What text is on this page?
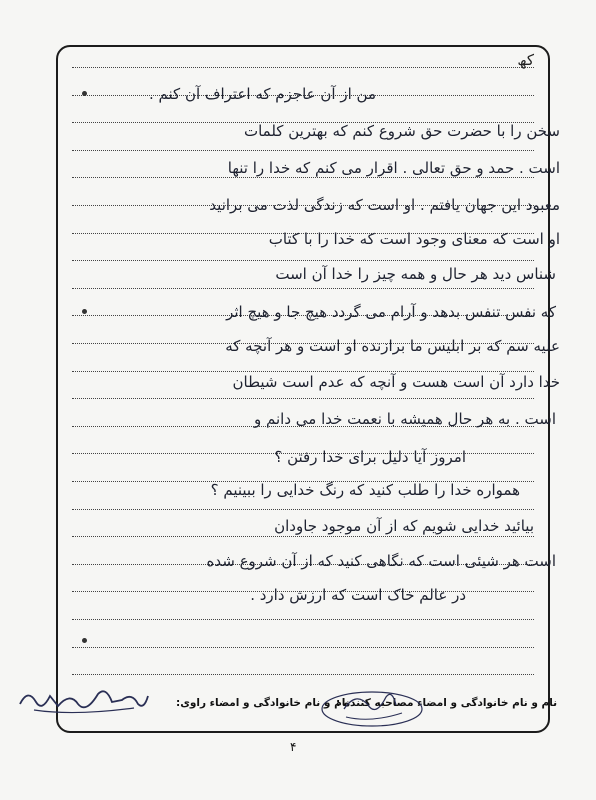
ﮐﮫ
من از آن عاجزم که اعتراف آن کنم .
سخن را با حضرت حق شروع کنم که بهترین کلمات
است . حمد و حق تعالی . اقرار می کنم که خدا را تنها
معبود این جهان یافتم . او است که زندگی لذت می‌ برانید
او است که معنای وجود است که خدا را با کتاب
شناس دید هر حال و همه چیز را خدا آن است
که نفس تنفس بدهد و آرام می گردد هیچ جا و هیچ اثر
علیه سم که بر ابلیس ما برازنده او است و هر آنچه که
خدا دارد آن است هست و آنچه که عدم است شیطان
است . به هر حال همیشه با نعمت خدا می دانم و
امروز آیا دلیل برای خدا رفتن ؟
همواره خدا را طلب کنید که رنگ خدایی را ببینیم ؟
بیائید خدایی شویم که از آن موجود جاودان
است هر شیئی است که نگاهی کنید که از آن شروع شده
در عالم خاک است که ارزش دارد .
نام و نام خانوادگی و امضاء مصاحبه کننده :
نام و نام خانوادگی و امضاء راوی:
۴
